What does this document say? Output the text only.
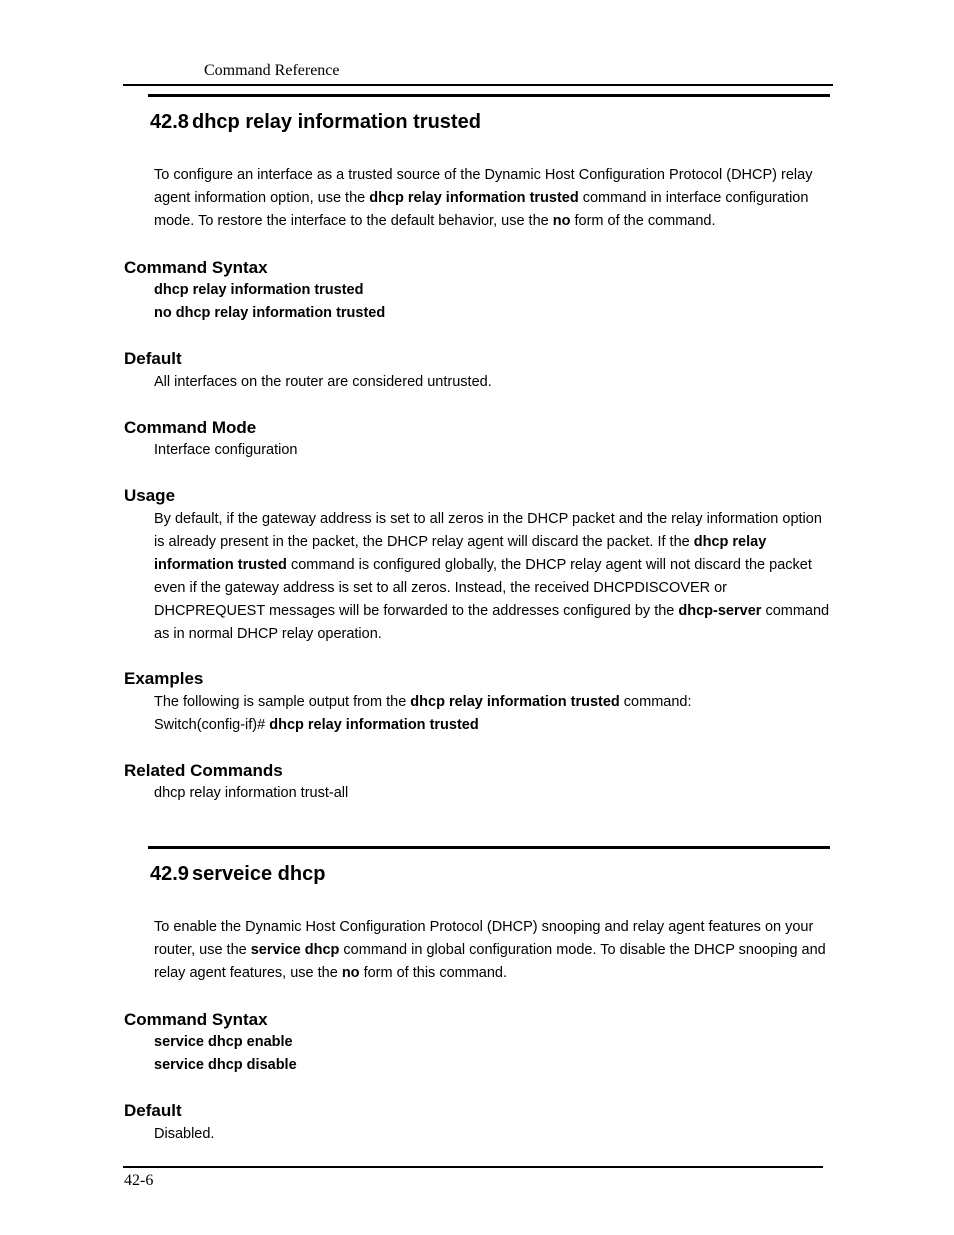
Command Reference
42.8 dhcp relay information trusted
To configure an interface as a trusted source of the Dynamic Host Configuration Protocol (DHCP) relay agent information option, use the dhcp relay information trusted command in interface configuration mode. To restore the interface to the default behavior, use the no form of the command.
Command Syntax
dhcp relay information trusted
no dhcp relay information trusted
Default
All interfaces on the router are considered untrusted.
Command Mode
Interface configuration
Usage
By default, if the gateway address is set to all zeros in the DHCP packet and the relay information option is already present in the packet, the DHCP relay agent will discard the packet. If the dhcp relay information trusted command is configured globally, the DHCP relay agent will not discard the packet even if the gateway address is set to all zeros. Instead, the received DHCPDISCOVER or DHCPREQUEST messages will be forwarded to the addresses configured by the dhcp-server command as in normal DHCP relay operation.
Examples
The following is sample output from the dhcp relay information trusted command:
Switch(config-if)# dhcp relay information trusted
Related Commands
dhcp relay information trust-all
42.9 serveice dhcp
To enable the Dynamic Host Configuration Protocol (DHCP) snooping and relay agent features on your router, use the service dhcp command in global configuration mode. To disable the DHCP snooping and relay agent features, use the no form of this command.
Command Syntax
service dhcp enable
service dhcp disable
Default
Disabled.
42-6
